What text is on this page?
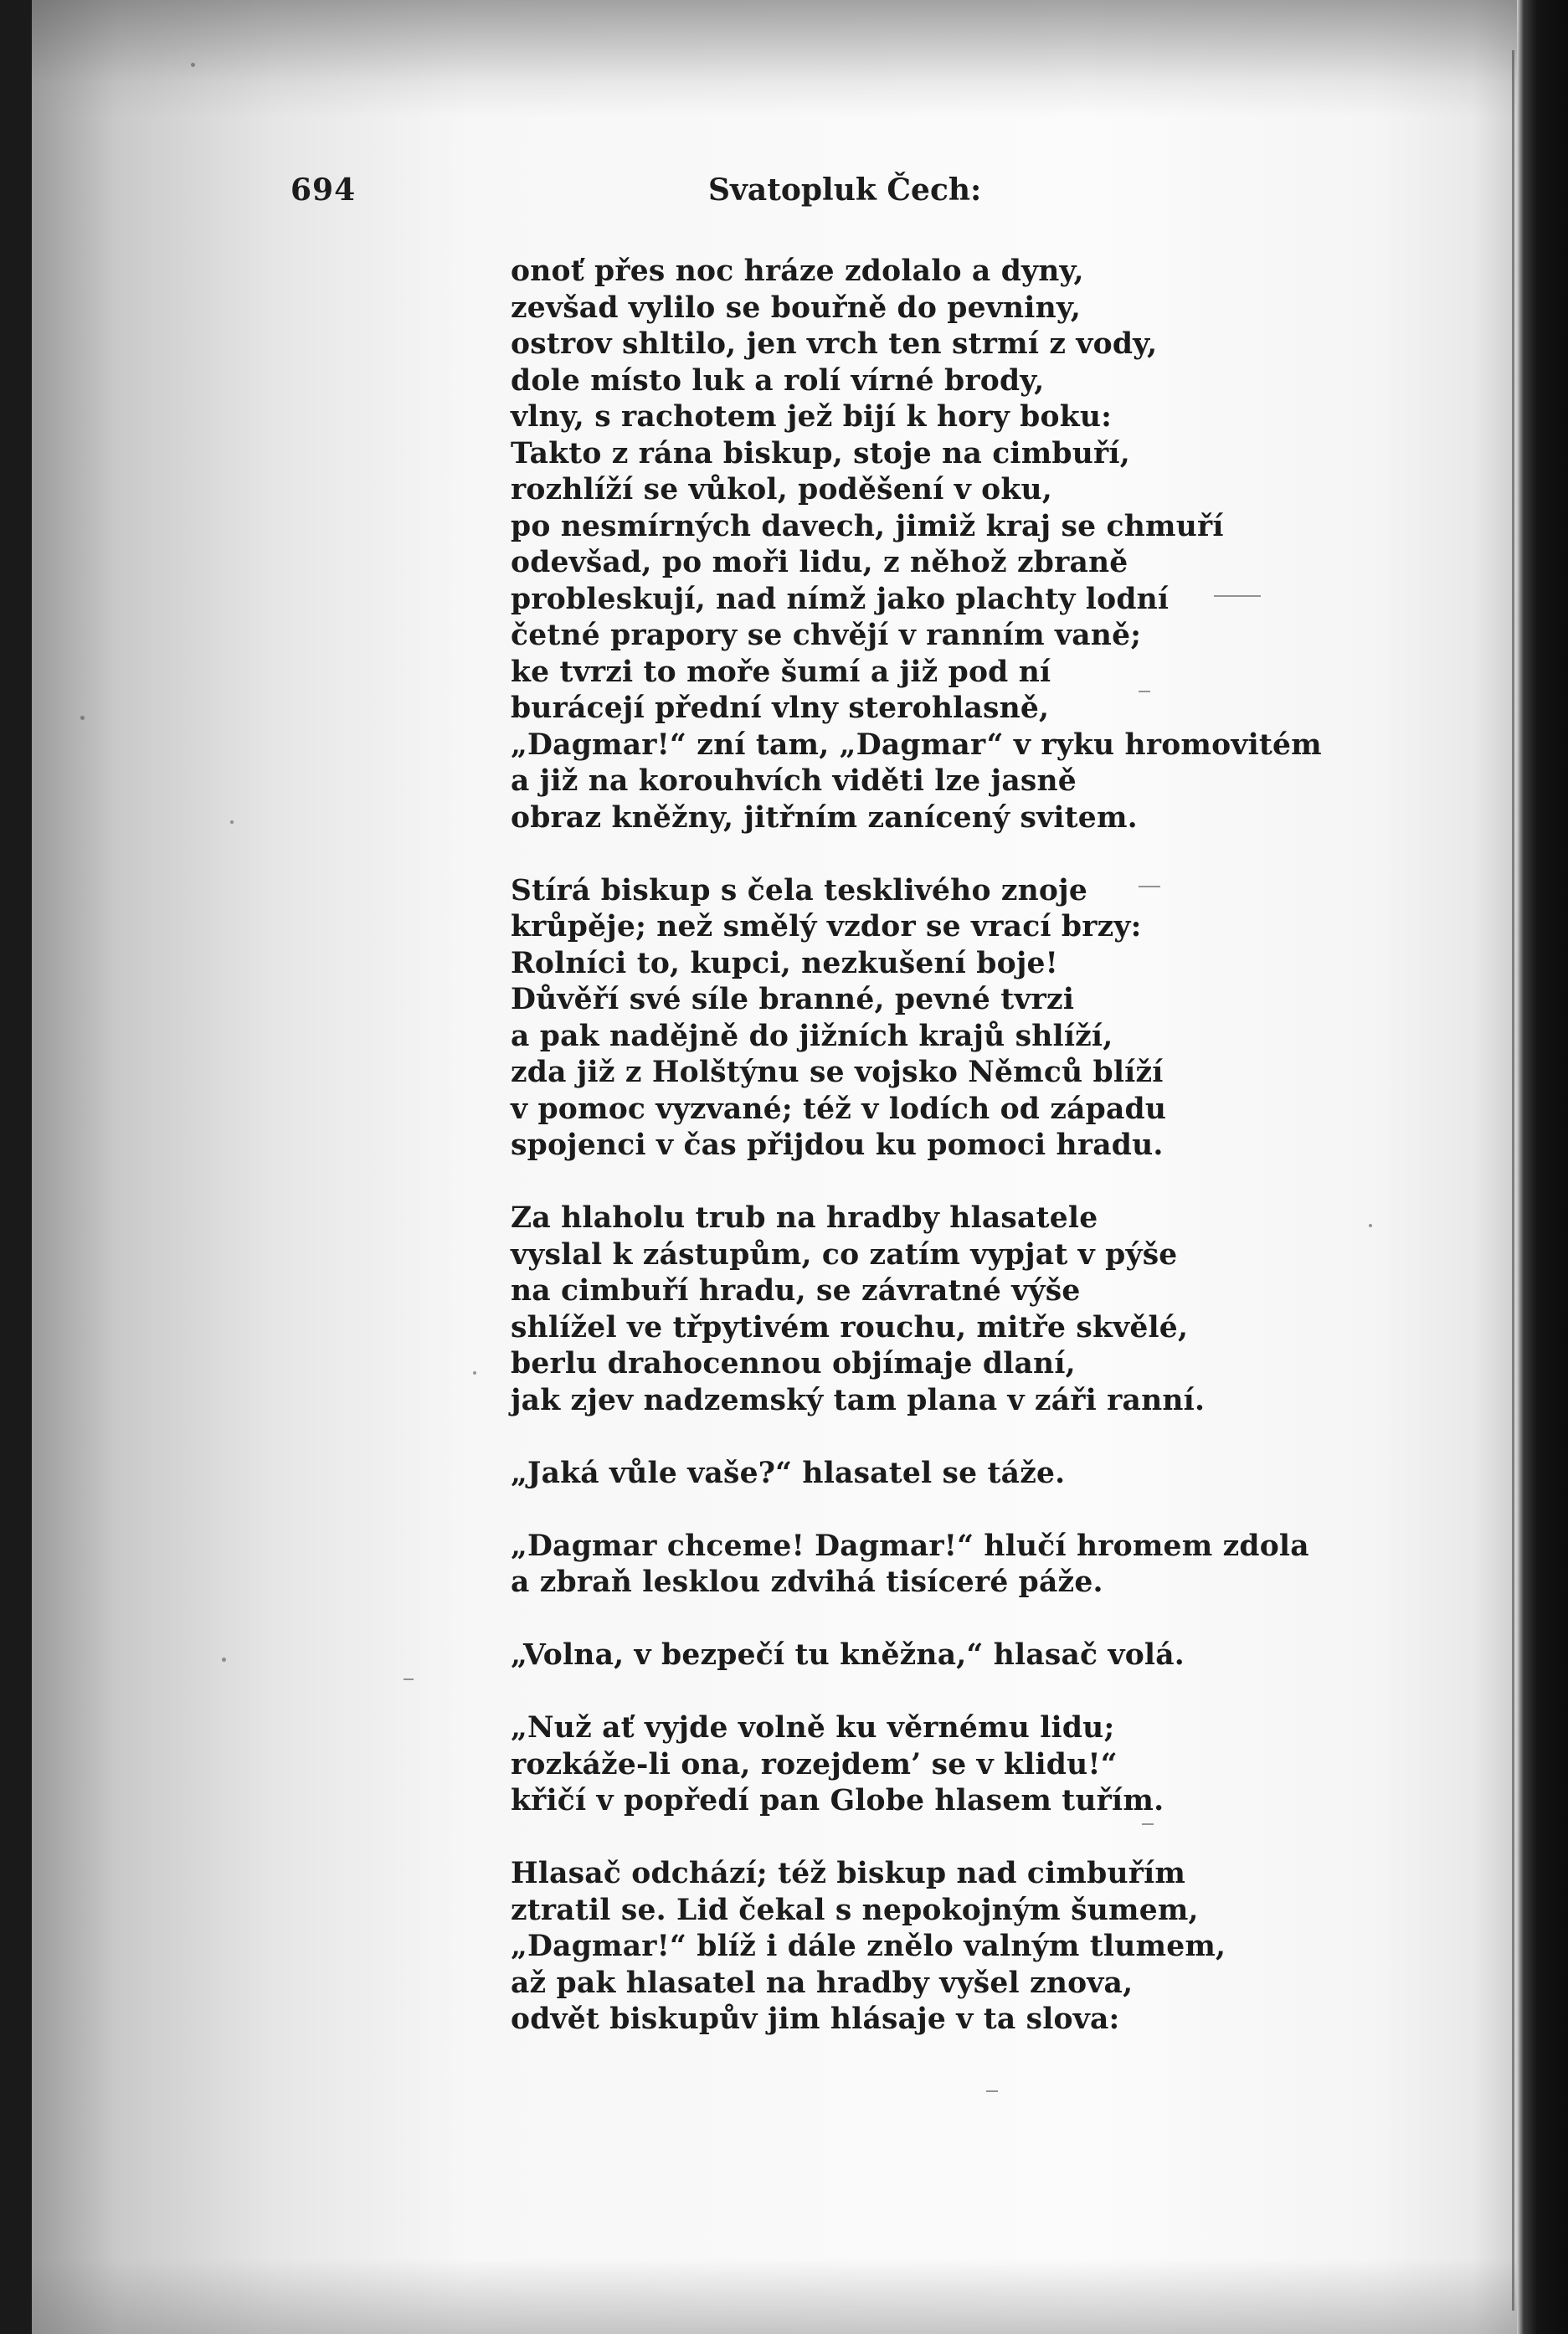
694	Svatopluk Čech:
onoť přes noc hráze zdolalo a dyny,
zevšad vylilo se bouřně do pevniny,
ostrov shltilo, jen vrch ten strmí z vody,
dole místo luk a rolí vírné brody,
vlny, s rachotem jež bijí k hory boku:
Takto z rána biskup, stoje na cimbuří,
rozhlíží se vůkol, poděšení v oku,
po nesmírných davech, jimiž kraj se chmuří
odevšad, po moři lidu, z něhož zbraně
probleskují, nad nímž jako plachty lodní
četné prapory se chvějí v ranním vaně;
ke tvrzi to moře šumí a již pod ní
burácejí přední vlny sterohlasně,
„Dagmar!“ zní tam, „Dagmar“ v ryku hromovitém
a již na korouhvích viděti lze jasně
obraz kněžny, jitřním zanícený svitem.
Stírá biskup s čela tesklivého znoje
krůpěje; než smělý vzdor se vrací brzy:
Rolníci to, kupci, nezkušení boje!
Důvěří své síle branné, pevné tvrzi
a pak nadějně do jižních krajů shlíží,
zda již z Holštýnu se vojsko Němců blíží
v pomoc vyzvané; též v lodích od západu
spojenci v čas přijdou ku pomoci hradu.
Za hlaholu trub na hradby hlasatele
vyslal k zástupům, co zatím vypjat v pýše
na cimbuří hradu, se závratné výše
shlížel ve třpytivém rouchu, mitře skvělé,
berlu drahocennou objímaje dlaní,
jak zjev nadzemský tam plana v záři ranní.
„Jaká vůle vaše?“ hlasatel se táže.
„Dagmar chceme! Dagmar!“ hlučí hromem zdola
a zbraň lesklou zdvihá tisíceré páže.
„Volna, v bezpečí tu kněžna,“ hlasač volá.
„Nuž ať vyjde volně ku věrnému lidu;
rozkáže-li ona, rozejdem’ se v klidu!“
křičí v popředí pan Globe hlasem tuřím.
Hlasač odchází; též biskup nad cimbuřím
ztratil se. Lid čekal s nepokojným šumem,
„Dagmar!“ blíž i dále znělo valným tlumem,
až pak hlasatel na hradby vyšel znova,
odvět biskupův jim hlásaje v ta slova:
